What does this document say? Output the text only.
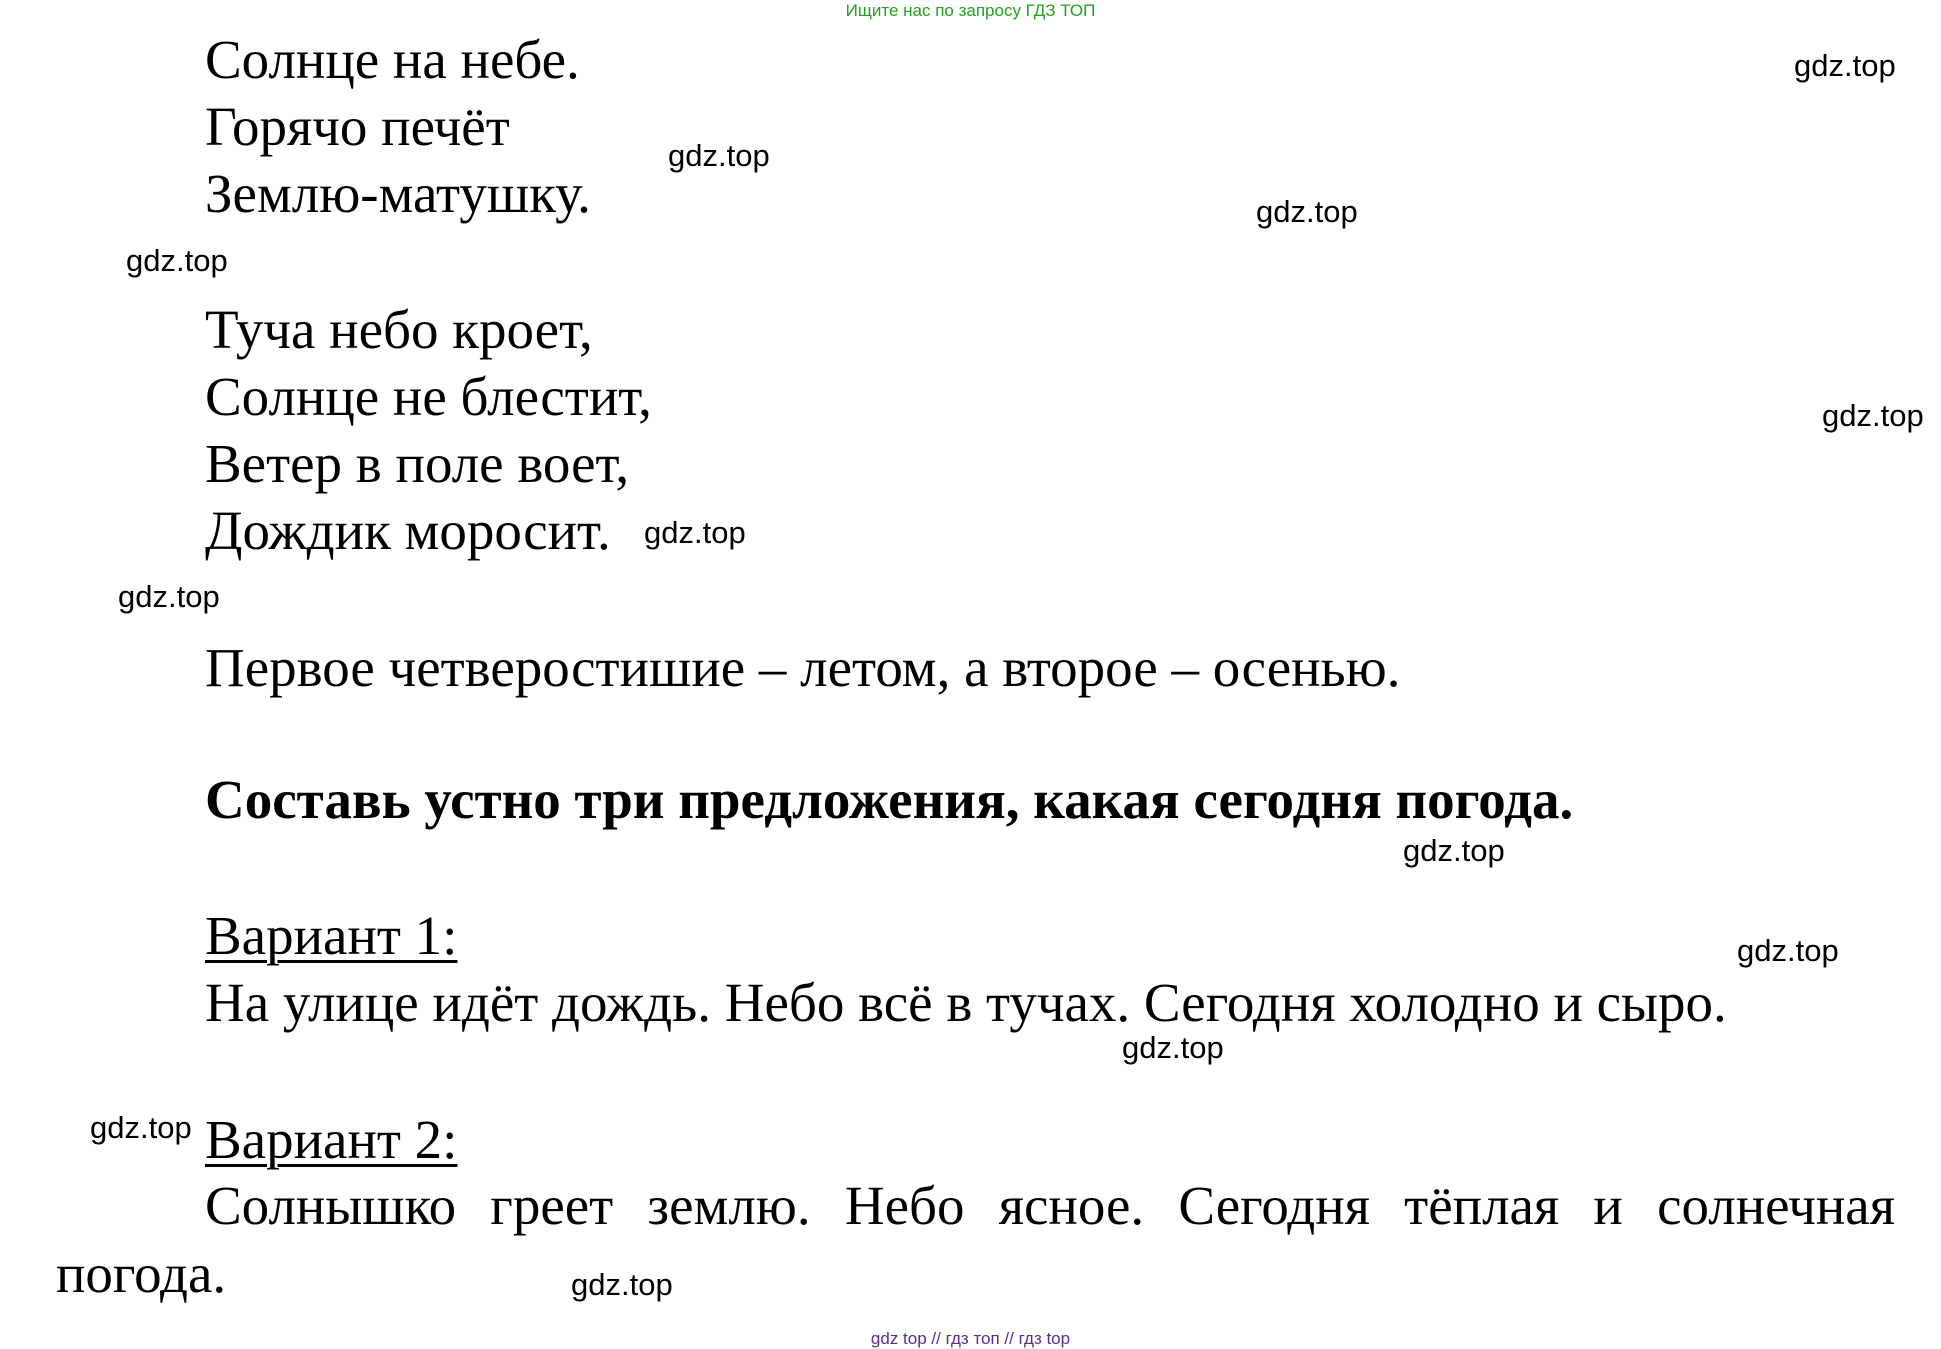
Ищите нас по запросу ГДЗ ТОП
Солнце на небе.
Горячо печёт
Землю-матушку.
Туча небо кроет,
Солнце не блестит,
Ветер в поле воет,
Дождик моросит.
Первое четверостишие – летом, а второе – осенью.
Составь устно три предложения, какая сегодня погода.
Вариант 1:
На улице идёт дождь. Небо всё в тучах. Сегодня холодно и сыро.
Вариант 2:
Солнышко греет землю. Небо ясное. Сегодня тёплая и солнечная
погода.
gdz.top
gdz.top
gdz.top
gdz.top
gdz.top
gdz.top
gdz.top
gdz.top
gdz.top
gdz.top
gdz.top
gdz.top
gdz top // гдз топ // гдз top
